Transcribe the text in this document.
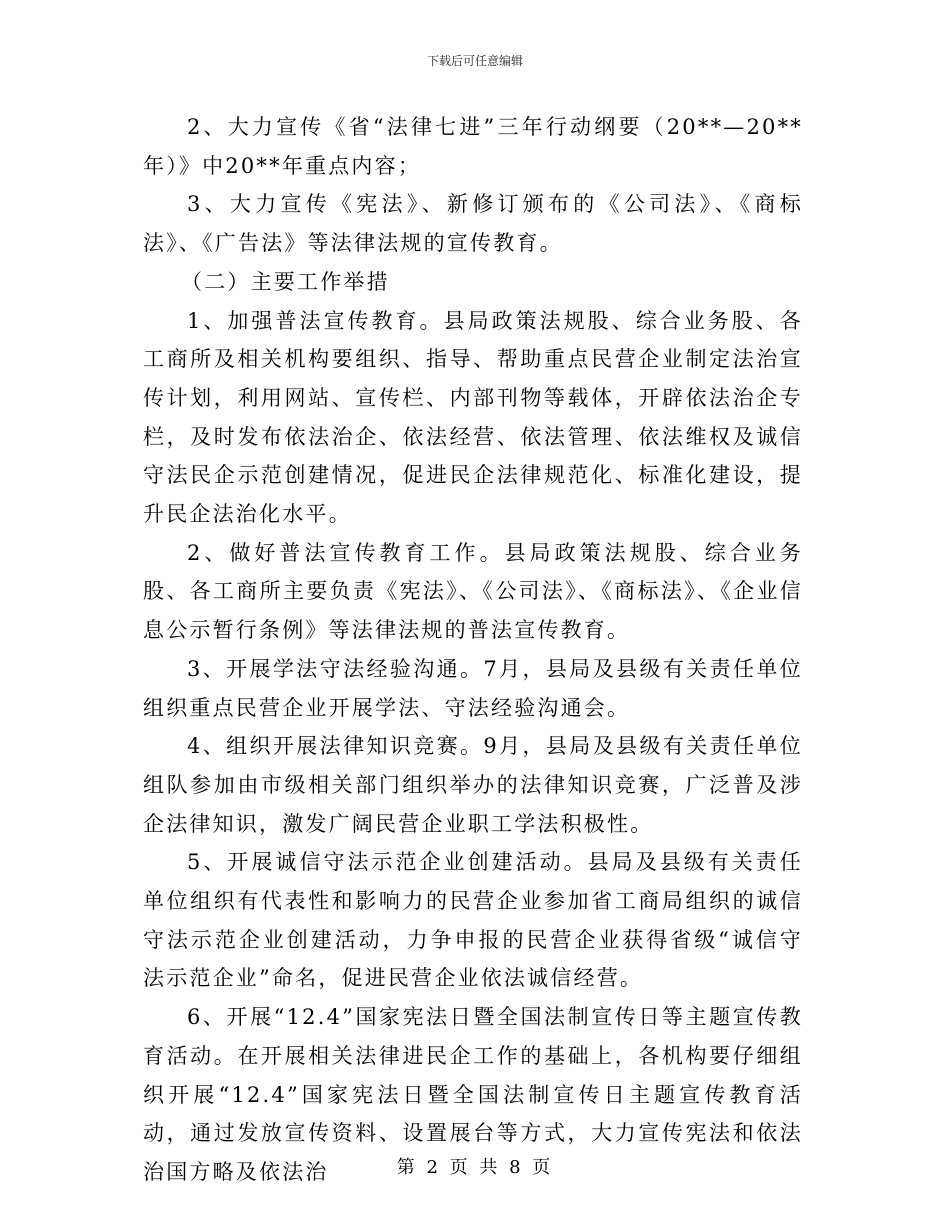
下载后可任意编辑

2、大力宣传《省“法律七进”三年行动纲要（20**—20**年）》中20**年重点内容；

3、大力宣传《宪法》、新修订颁布的《公司法》、《商标法》、《广告法》等法律法规的宣传教育。

（二）主要工作举措

1、加强普法宣传教育。县局政策法规股、综合业务股、各工商所及相关机构要组织、指导、帮助重点民营企业制定法治宣传计划，利用网站、宣传栏、内部刊物等载体，开辟依法治企专栏，及时发布依法治企、依法经营、依法管理、依法维权及诚信守法民企示范创建情况，促进民企法律规范化、标准化建设，提升民企法治化水平。

2、做好普法宣传教育工作。县局政策法规股、综合业务股、各工商所主要负责《宪法》、《公司法》、《商标法》、《企业信息公示暂行条例》等法律法规的普法宣传教育。

3、开展学法守法经验沟通。7月，县局及县级有关责任单位组织重点民营企业开展学法、守法经验沟通会。

4、组织开展法律知识竞赛。9月，县局及县级有关责任单位组队参加由市级相关部门组织举办的法律知识竞赛，广泛普及涉企法律知识，激发广阔民营企业职工学法积极性。

5、开展诚信守法示范企业创建活动。县局及县级有关责任单位组织有代表性和影响力的民营企业参加省工商局组织的诚信守法示范企业创建活动，力争申报的民营企业获得省级“诚信守法示范企业”命名，促进民营企业依法诚信经营。

6、开展“12.4”国家宪法日暨全国法制宣传日等主题宣传教育活动。在开展相关法律进民企工作的基础上，各机构要仔细组织开展“12.4”国家宪法日暨全国法制宣传日主题宣传教育活动，通过发放宣传资料、设置展台等方式，大力宣传宪法和依法治国方略及依法治	第 2 页 共 8 页
